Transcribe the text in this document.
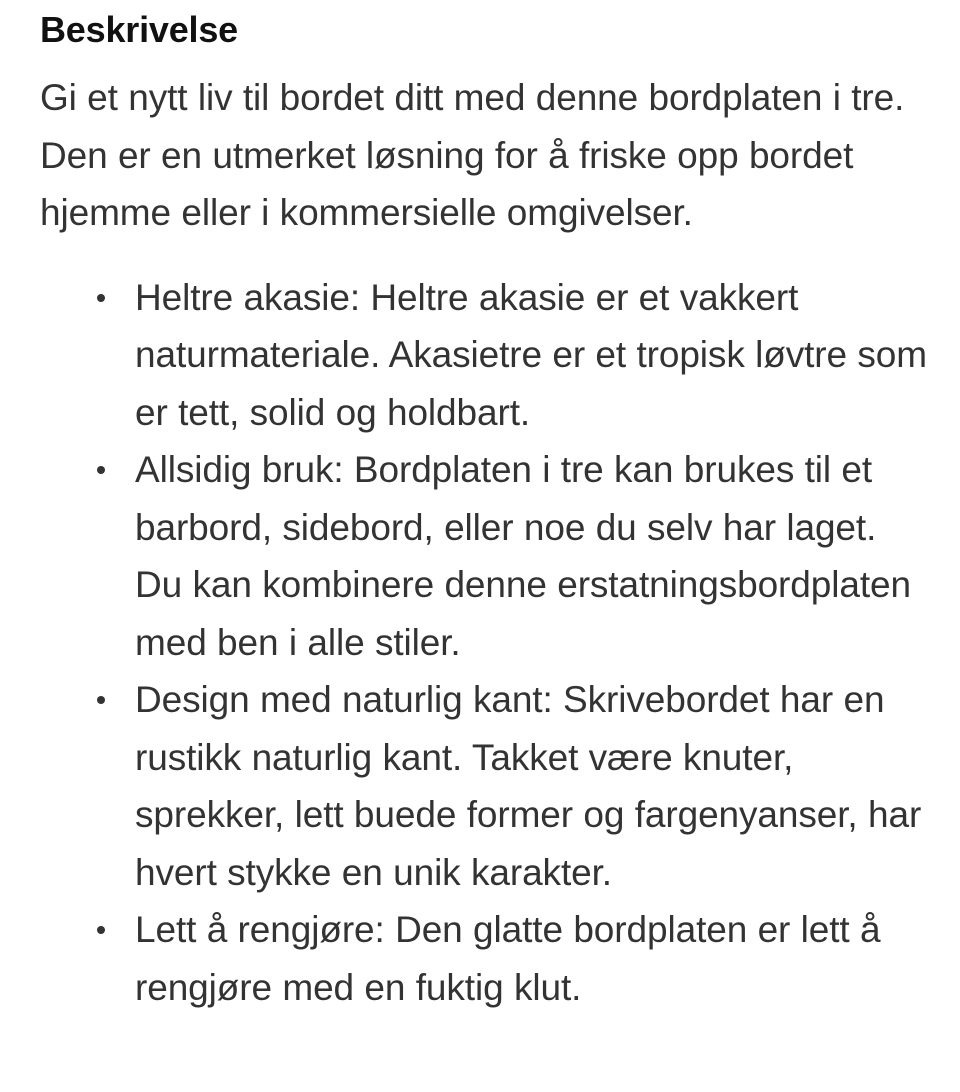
Beskrivelse

Gi et nytt liv til bordet ditt med denne bordplaten i tre. Den er en utmerket løsning for å friske opp bordet hjemme eller i kommersielle omgivelser.

Heltre akasie: Heltre akasie er et vakkert naturmateriale. Akasietre er et tropisk løvtre som er tett, solid og holdbart.
Allsidig bruk: Bordplaten i tre kan brukes til et barbord, sidebord, eller noe du selv har laget. Du kan kombinere denne erstatningsbordplaten med ben i alle stiler.
Design med naturlig kant: Skrivebordet har en rustikk naturlig kant. Takket være knuter, sprekker, lett buede former og fargenyanser, har hvert stykke en unik karakter.
Lett å rengjøre: Den glatte bordplaten er lett å rengjøre med en fuktig klut.
